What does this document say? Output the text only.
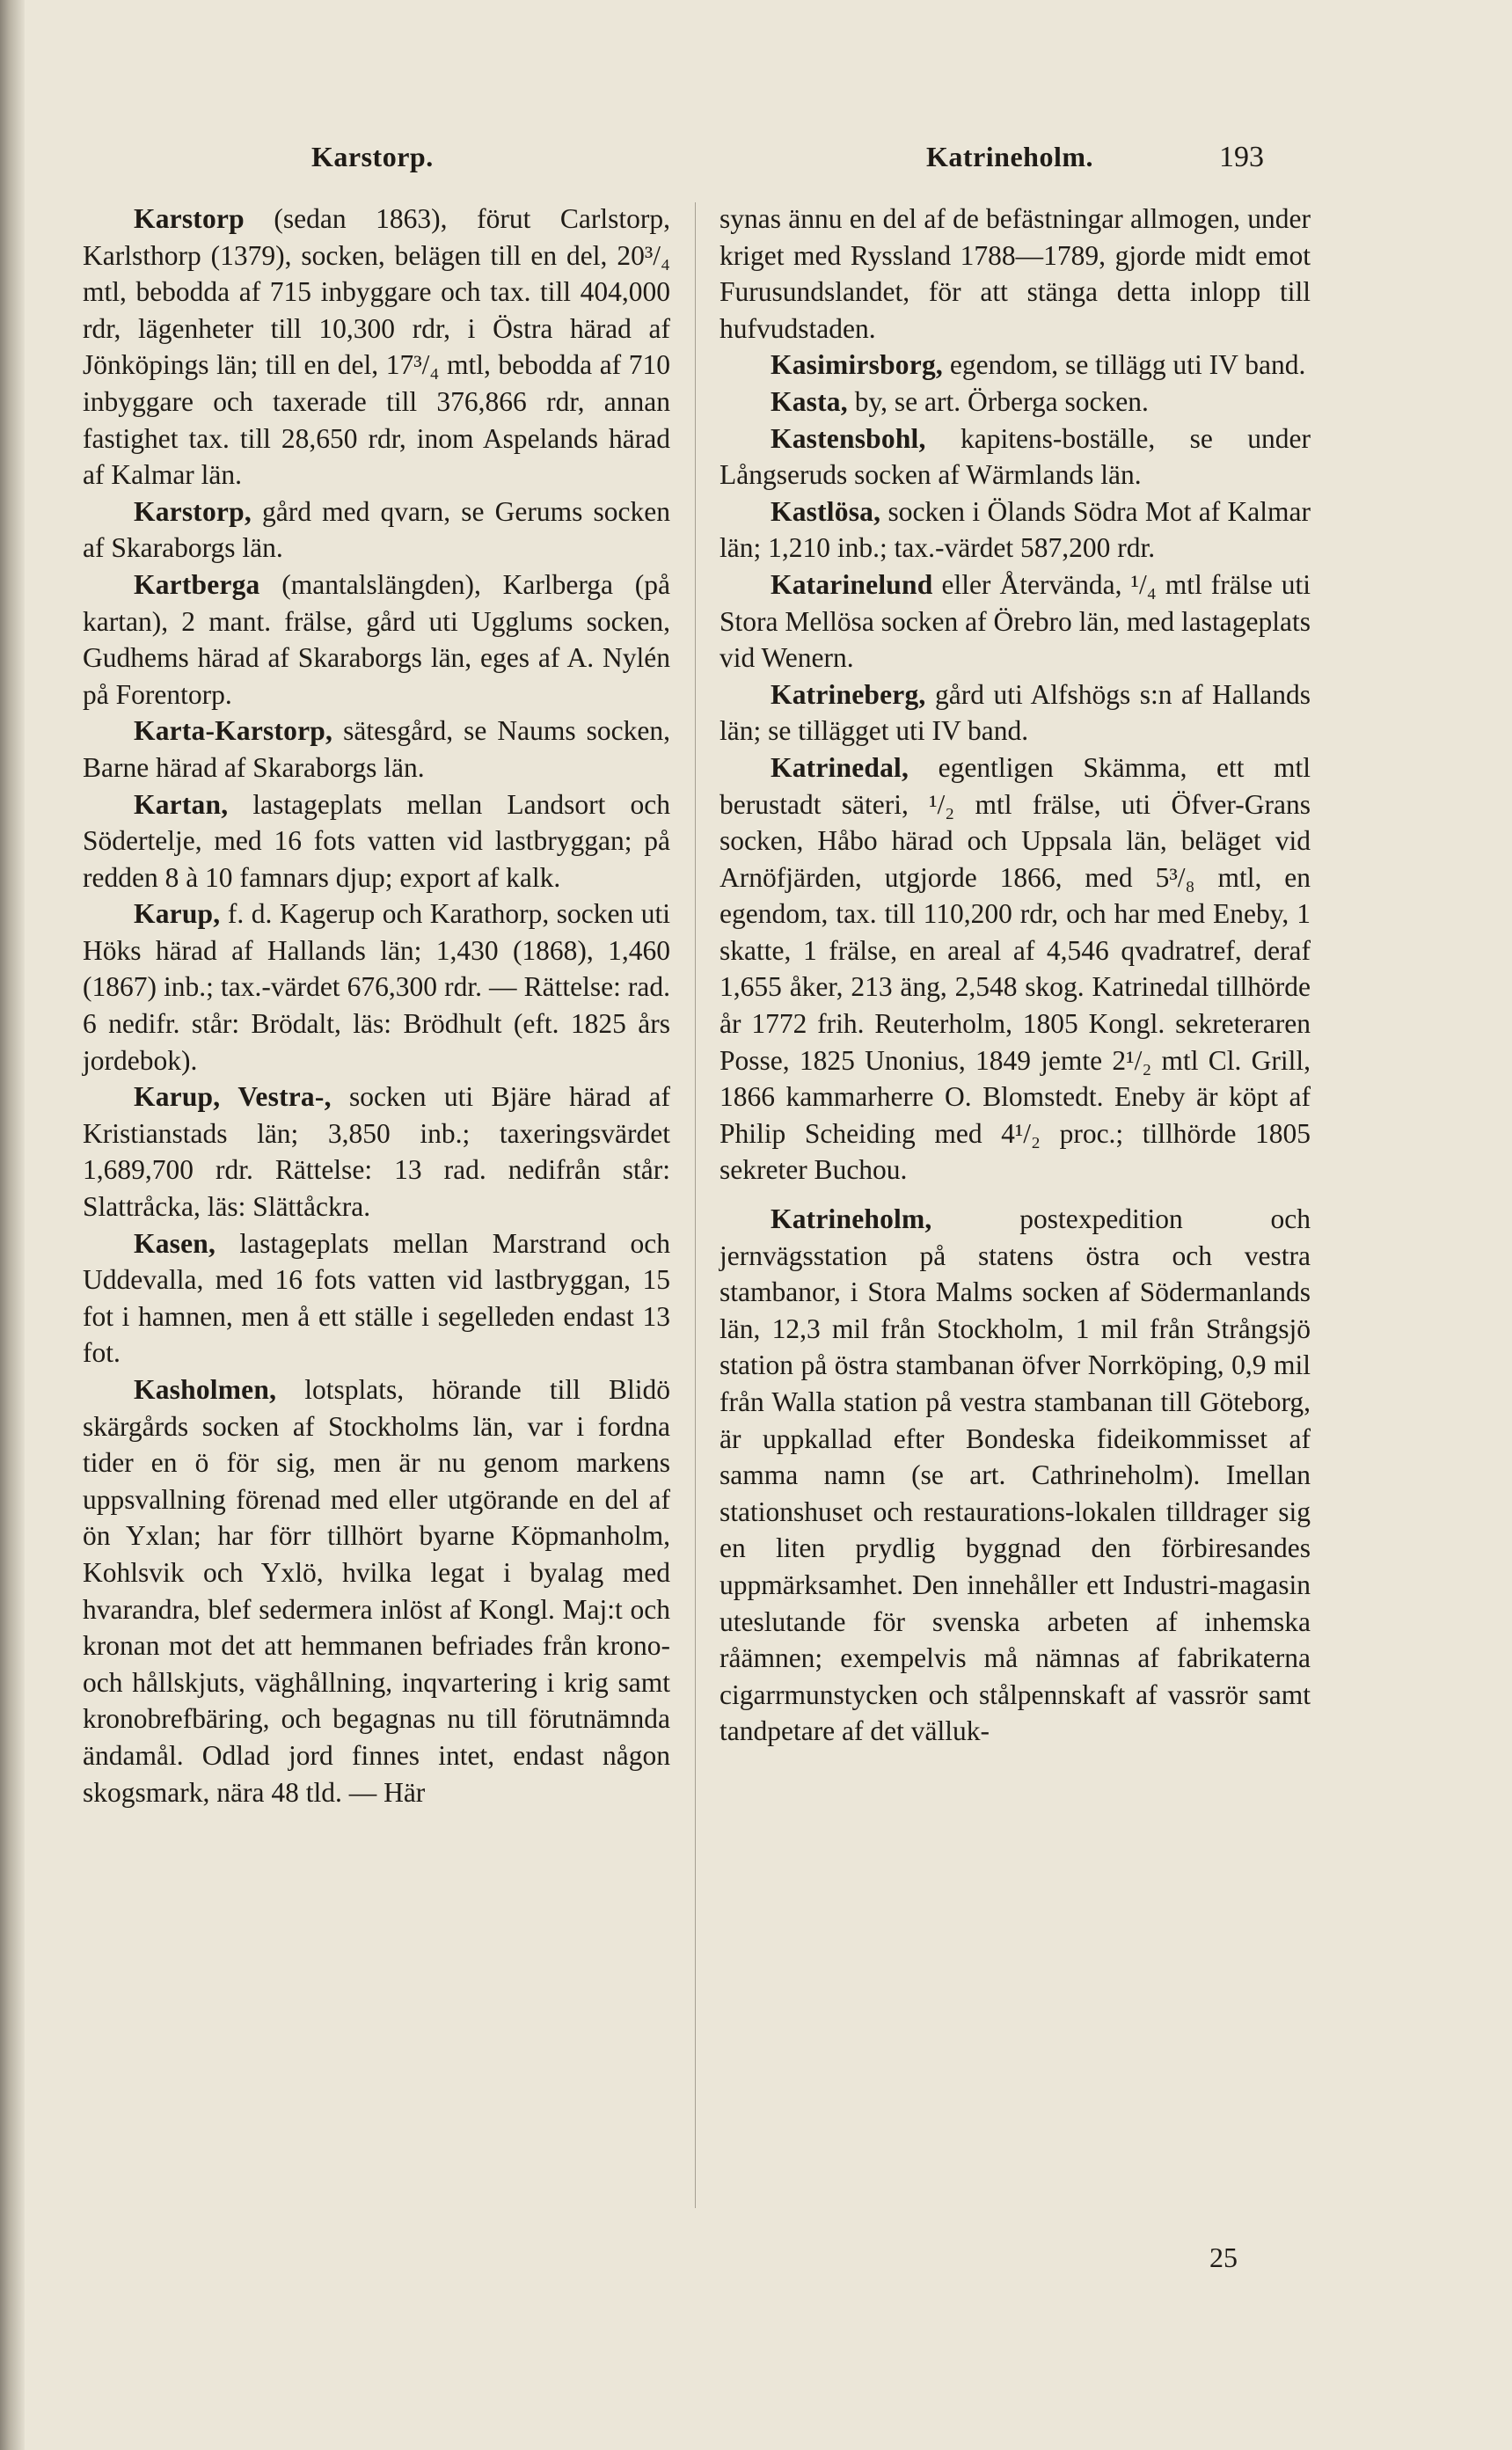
Karstorp.	Katrineholm.	193

Karstorp (sedan 1863), förut Carlstorp, Karlsthorp (1379), socken, belägen till en del, 20³/₄ mtl, bebodda af 715 inbyggare och tax. till 404,000 rdr, lägenheter till 10,300 rdr, i Östra härad af Jönköpings län; till en del, 17³/₄ mtl, bebodda af 710 inbyggare och taxerade till 376,866 rdr, annan fastighet tax. till 28,650 rdr, inom Aspelands härad af Kalmar län.

Karstorp, gård med qvarn, se Gerums socken af Skaraborgs län.

Kartberga (mantalslängden), Karlberga (på kartan), 2 mant. frälse, gård uti Ugglums socken, Gudhems härad af Skaraborgs län, eges af A. Nylén på Forentorp.

Karta-Karstorp, sätesgård, se Naums socken, Barne härad af Skaraborgs län.

Kartan, lastageplats mellan Landsort och Södertelje, med 16 fots vatten vid lastbryggan; på redden 8 à 10 famnars djup; export af kalk.

Karup, f. d. Kagerup och Karathorp, socken uti Höks härad af Hallands län; 1,430 (1868), 1,460 (1867) inb.; tax.-värdet 676,300 rdr. — Rättelse: rad. 6 nedifr. står: Brödalt, läs: Brödhult (eft. 1825 års jordebok).

Karup, Vestra-, socken uti Bjäre härad af Kristianstads län; 3,850 inb.; taxeringsvärdet 1,689,700 rdr. Rättelse: 13 rad. nedifrån står: Slattråcka, läs: Slättåckra.

Kasen, lastageplats mellan Marstrand och Uddevalla, med 16 fots vatten vid lastbryggan, 15 fot i hamnen, men å ett ställe i segelleden endast 13 fot.

Kasholmen, lotsplats, hörande till Blidö skärgårds socken af Stockholms län, var i fordna tider en ö för sig, men är nu genom markens uppsvallning förenad med eller utgörande en del af ön Yxlan; har förr tillhört byarne Köpmanholm, Kohlsvik och Yxlö, hvilka legat i byalag med hvarandra, blef sedermera inlöst af Kongl. Maj:t och kronan mot det att hemmanen befriades från krono- och hållskjuts, väghållning, inqvartering i krig samt kronobrefbäring, och begagnas nu till förutnämnda ändamål. Odlad jord finnes intet, endast någon skogsmark, nära 48 tld. — Här

synas ännu en del af de befästningar allmogen, under kriget med Ryssland 1788—1789, gjorde midt emot Furusundslandet, för att stänga detta inlopp till hufvudstaden.

Kasimirsborg, egendom, se tillägg uti IV band.

Kasta, by, se art. Örberga socken.

Kastensbohl, kapitens-boställe, se under Långseruds socken af Wärmlands län.

Kastlösa, socken i Ölands Södra Mot af Kalmar län; 1,210 inb.; tax.-värdet 587,200 rdr.

Katarinelund eller Återvända, ¹/₄ mtl frälse uti Stora Mellösa socken af Örebro län, med lastageplats vid Wenern.

Katrineberg, gård uti Alfshögs s:n af Hallands län; se tillägget uti IV band.

Katrinedal, egentligen Skämma, ett mtl berustadt säteri, ¹/₂ mtl frälse, uti Öfver-Grans socken, Håbo härad och Uppsala län, beläget vid Arnöfjärden, utgjorde 1866, med 5³/₈ mtl, en egendom, tax. till 110,200 rdr, och har med Eneby, 1 skatte, 1 frälse, en areal af 4,546 qvadratref, deraf 1,655 åker, 213 äng, 2,548 skog. Katrinedal tillhörde år 1772 frih. Reuterholm, 1805 Kongl. sekreteraren Posse, 1825 Unonius, 1849 jemte 2¹/₂ mtl Cl. Grill, 1866 kammarherre O. Blomstedt. Eneby är köpt af Philip Scheiding med 4¹/₂ proc.; tillhörde 1805 sekreter Buchou.

Katrineholm, postexpedition och jernvägsstation på statens östra och vestra stambanor, i Stora Malms socken af Södermanlands län, 12,3 mil från Stockholm, 1 mil från Strångsjö station på östra stambanan öfver Norrköping, 0,9 mil från Walla station på vestra stambanan till Göteborg, är uppkallad efter Bondeska fideikommisset af samma namn (se art. Cathrineholm). Imellan stationshuset och restaurations-lokalen tilldrager sig en liten prydlig byggnad den förbiresandes uppmärksamhet. Den innehåller ett Industri-magasin uteslutande för svenska arbeten af inhemska råämnen; exempelvis må nämnas af fabrikaterna cigarrmunstycken och stålpennskaft af vassrör samt tandpetare af det välluk-

25
